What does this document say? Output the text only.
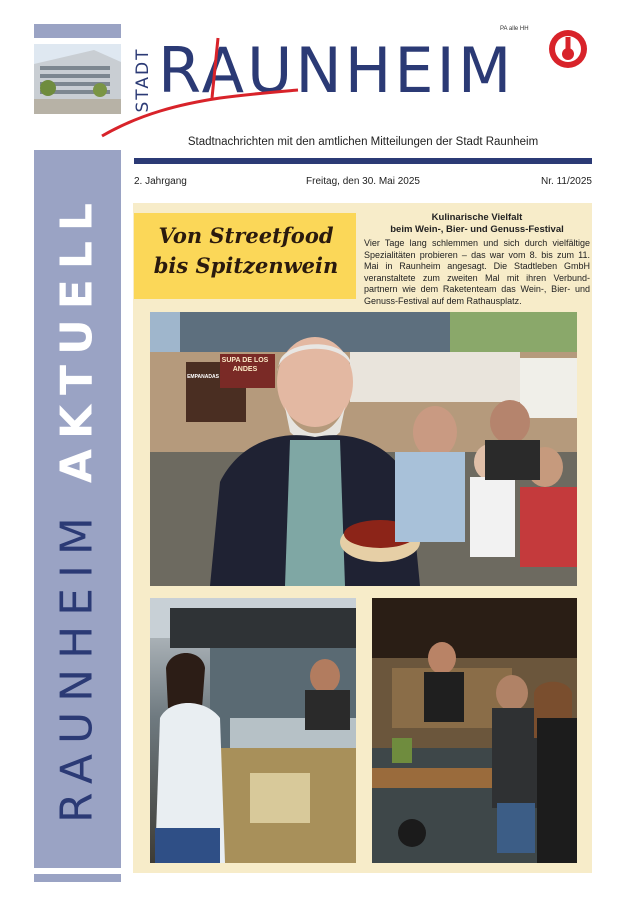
RAUNHEIM AKTUELL
STADT RAUNHEIM
PA alle HH
Stadtnachrichten mit den amtlichen Mitteilungen der Stadt Raunheim
2. Jahrgang	Freitag, den 30. Mai 2025	Nr. 11/2025
Von Streetfood
bis Spitzenwein
Kulinarische Vielfalt
beim Wein-, Bier- und Genuss-Festival
Vier Tage lang schlemmen und sich durch vielfältige Spezialitäten probieren – das war vom 8. bis zum 11. Mai in Raunheim angesagt. Die Stadtleben GmbH veranstaltete zum zweiten Mal mit ihren Verbund-partnern wie dem Raketenteam das Wein-, Bier- und Genuss-Festival auf dem Rathausplatz.
SUPA DE LOS ANDES
EMPANADAS
